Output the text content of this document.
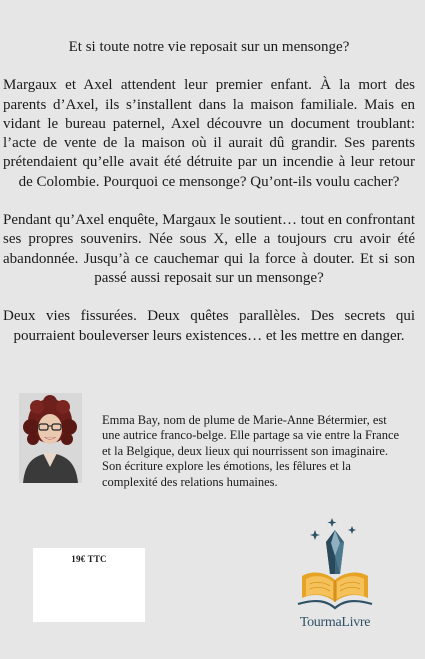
Et si toute notre vie reposait sur un mensonge?

Margaux et Axel attendent leur premier enfant. À la mort des parents d’Axel, ils s’installent dans la maison familiale. Mais en vidant le bureau paternel, Axel découvre un document troublant: l’acte de vente de la maison où il aurait dû grandir. Ses parents prétendaient qu’elle avait été détruite par un incendie à leur retour de Colombie. Pourquoi ce mensonge? Qu’ont-ils voulu cacher?

Pendant qu’Axel enquête, Margaux le soutient… tout en confrontant ses propres souvenirs. Née sous X, elle a toujours cru avoir été abandonnée. Jusqu’à ce cauchemar qui la force à douter. Et si son passé aussi reposait sur un mensonge?

Deux vies fissurées. Deux quêtes parallèles. Des secrets qui pourraient bouleverser leurs existences… et les mettre en danger.

Emma Bay, nom de plume de Marie-Anne Bétermier, est une autrice franco-belge. Elle partage sa vie entre la France et la Belgique, deux lieux qui nourrissent son imaginaire. Son écriture explore les émotions, les fêlures et la complexité des relations humaines.

19€ TTC
TourmaLivre
